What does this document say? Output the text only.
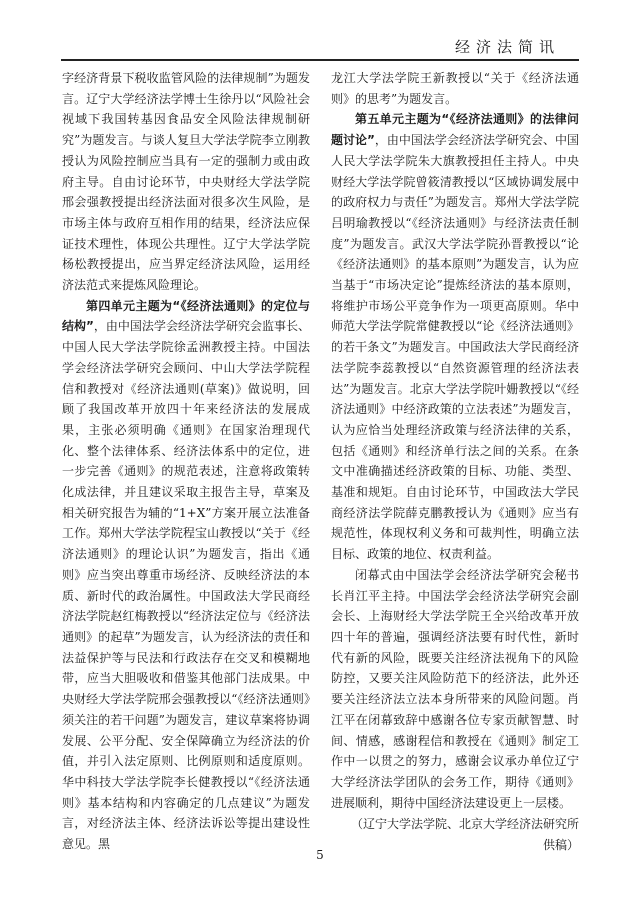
经济法简讯

字经济背景下税收监管风险的法律规制”为题发言。辽宁大学经济法学博士生徐丹以“风险社会视域下我国转基因食品安全风险法律规制研究”为题发言。与谈人复旦大学法学院李立刚教授认为风险控制应当具有一定的强制力或由政府主导。自由讨论环节，中央财经大学法学院邢会强教授提出经济法面对很多次生风险，是市场主体与政府互相作用的结果，经济法应保证技术理性，体现公共理性。辽宁大学法学院杨松教授提出，应当界定经济法风险，运用经济法范式来提炼风险理论。

第四单元主题为“《经济法通则》的定位与结构”，由中国法学会经济法学研究会监事长、中国人民大学法学院徐孟洲教授主持。中国法学会经济法学研究会顾问、中山大学法学院程信和教授对《经济法通则(草案)》做说明，回顾了我国改革开放四十年来经济法的发展成果，主张必须明确《通则》在国家治理现代化、整个法律体系、经济法体系中的定位，进一步完善《通则》的规范表述，注意将政策转化成法律，并且建议采取主报告主导，草案及相关研究报告为辅的“1+X”方案开展立法准备工作。郑州大学法学院程宝山教授以“关于《经济法通则》的理论认识”为题发言，指出《通则》应当突出尊重市场经济、反映经济法的本质、新时代的政治属性。中国政法大学民商经济法学院赵红梅教授以“经济法定位与《经济法通则》的起草”为题发言，认为经济法的责任和法益保护等与民法和行政法存在交叉和模糊地带，应当大胆吸收和借鉴其他部门法成果。中央财经大学法学院邢会强教授以“《经济法通则》须关注的若干问题”为题发言，建议草案将协调发展、公平分配、安全保障确立为经济法的价值，并引入法定原则、比例原则和适度原则。华中科技大学法学院李长健教授以“《经济法通则》基本结构和内容确定的几点建议”为题发言，对经济法主体、经济法诉讼等提出建设性意见。黑

龙江大学法学院王新教授以“关于《经济法通则》的思考”为题发言。

第五单元主题为“《经济法通则》的法律问题讨论”，由中国法学会经济法学研究会、中国人民大学法学院朱大旗教授担任主持人。中央财经大学法学院曾筱清教授以“区域协调发展中的政府权力与责任”为题发言。郑州大学法学院吕明瑜教授以“《经济法通则》与经济法责任制度”为题发言。武汉大学法学院孙晋教授以“论《经济法通则》的基本原则”为题发言，认为应当基于“市场决定论”提炼经济法的基本原则，将维护市场公平竞争作为一项更高原则。华中师范大学法学院常健教授以“论《经济法通则》的若干条文”为题发言。中国政法大学民商经济法学院李蕊教授以“自然资源管理的经济法表达”为题发言。北京大学法学院叶姗教授以“《经济法通则》中经济政策的立法表述”为题发言，认为应恰当处理经济政策与经济法律的关系，包括《通则》和经济单行法之间的关系。在条文中准确描述经济政策的目标、功能、类型、基准和规矩。自由讨论环节，中国政法大学民商经济法学院薛克鹏教授认为《通则》应当有规范性，体现权利义务和可裁判性，明确立法目标、政策的地位、权责利益。

闭幕式由中国法学会经济法学研究会秘书长肖江平主持。中国法学会经济法学研究会副会长、上海财经大学法学院王全兴给改革开放四十年的普遍，强调经济法要有时代性，新时代有新的风险，既要关注经济法视角下的风险防控，又要关注风险防范下的经济法，此外还要关注经济法立法本身所带来的风险问题。肖江平在闭幕致辞中感谢各位专家贡献智慧、时间、情感，感谢程信和教授在《通则》制定工作中一以贯之的努力，感谢会议承办单位辽宁大学经济法学团队的会务工作，期待《通则》进展顺利，期待中国经济法建设更上一层楼。

（辽宁大学法学院、北京大学经济法研究所　供稿）
5
